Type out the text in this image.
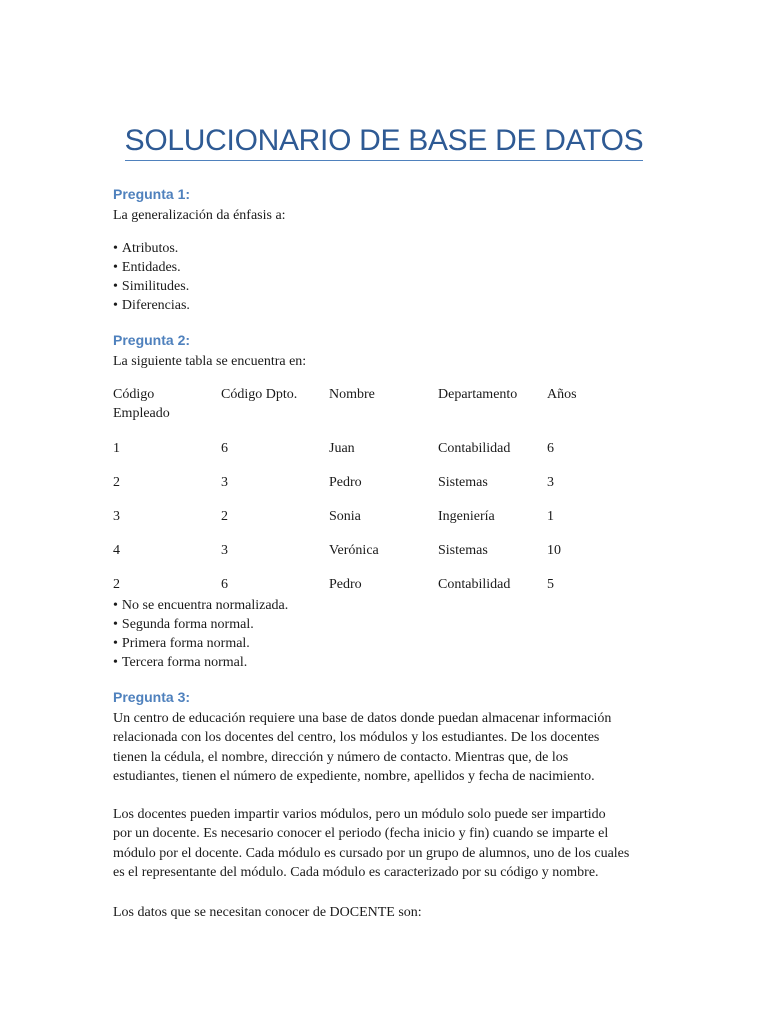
SOLUCIONARIO DE BASE DE DATOS
Pregunta 1:
La generalización da énfasis a:
• Atributos.
• Entidades.
• Similitudes.
• Diferencias.
Pregunta 2:
La siguiente tabla se encuentra en:
Código
Empleado	Código Dpto.	Nombre	Departamento	Años
1	6	Juan	Contabilidad	6
2	3	Pedro	Sistemas	3
3	2	Sonia	Ingeniería	1
4	3	Verónica	Sistemas	10
2	6	Pedro	Contabilidad	5
• No se encuentra normalizada.
• Segunda forma normal.
• Primera forma normal.
• Tercera forma normal.
Pregunta 3:
Un centro de educación requiere una base de datos donde puedan almacenar información
relacionada con los docentes del centro, los módulos y los estudiantes. De los docentes
tienen la cédula, el nombre, dirección y número de contacto. Mientras que, de los
estudiantes, tienen el número de expediente, nombre, apellidos y fecha de nacimiento.
Los docentes pueden impartir varios módulos, pero un módulo solo puede ser impartido
por un docente. Es necesario conocer el periodo (fecha inicio y fin) cuando se imparte el
módulo por el docente. Cada módulo es cursado por un grupo de alumnos, uno de los cuales
es el representante del módulo. Cada módulo es caracterizado por su código y nombre.
Los datos que se necesitan conocer de DOCENTE son:
